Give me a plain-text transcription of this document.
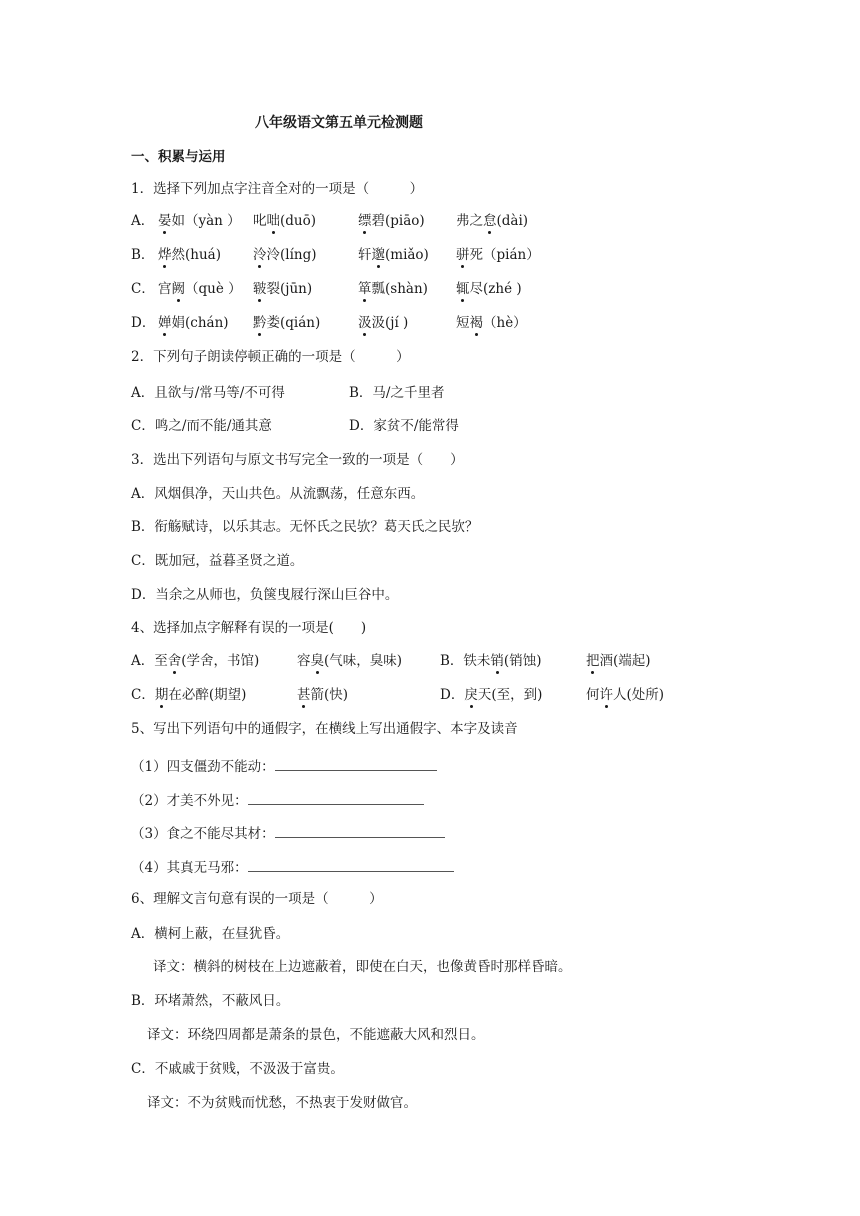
八年级语文第五单元检测题
一、积累与运用
1．选择下列加点字注音全对的一项是（　　　）
A． 晏如（yàn ） 叱咄(duō)	缥碧(piāo) 弗之怠(dài)
B． 烨然(huá) 泠泠(líng)	轩邈(miǎo) 骈死（pián）
C． 宫阙（què ） 皲裂(jūn)	箪瓢(shàn) 辄尽(zhé )
D． 婵娟(chán) 黔娄(qián)	汲汲(jí )	短褐（hè）
2．下列句子朗读停顿正确的一项是（　　　）
A．且欲与/常马等/不可得	B．马/之千里者
C．鸣之/而不能/通其意	D．家贫不/能常得
3．选出下列语句与原文书写完全一致的一项是（　　）
A．风烟俱净，天山共色。从流飘荡，任意东西。
B．衔觞赋诗，以乐其志。无怀氏之民欤？葛天氏之民欤？
C．既加冠，益暮圣贤之道。
D．当余之从师也，负箧曳屐行深山巨谷中。
4、选择加点字解释有误的一项是(　　)
A．至舍(学舍，书馆)	容臭(气味，臭味)	B．铁未销(销蚀)	把酒(端起)
C．期在必醉(期望)	甚箭(快)	D．戾天(至，到)	何许人(处所)
5、写出下列语句中的通假字，在横线上写出通假字、本字及读音
（1）四支僵劲不能动：
（2）才美不外见：
（3）食之不能尽其材：
（4）其真无马邪：
6、理解文言句意有误的一项是（　　　）
A．横柯上蔽，在昼犹昏。
译文：横斜的树枝在上边遮蔽着，即使在白天，也像黄昏时那样昏暗。
B．环堵萧然，不蔽风日。
译文：环绕四周都是萧条的景色，不能遮蔽大风和烈日。
C．不戚戚于贫贱，不汲汲于富贵。
译文：不为贫贱而忧愁，不热衷于发财做官。
